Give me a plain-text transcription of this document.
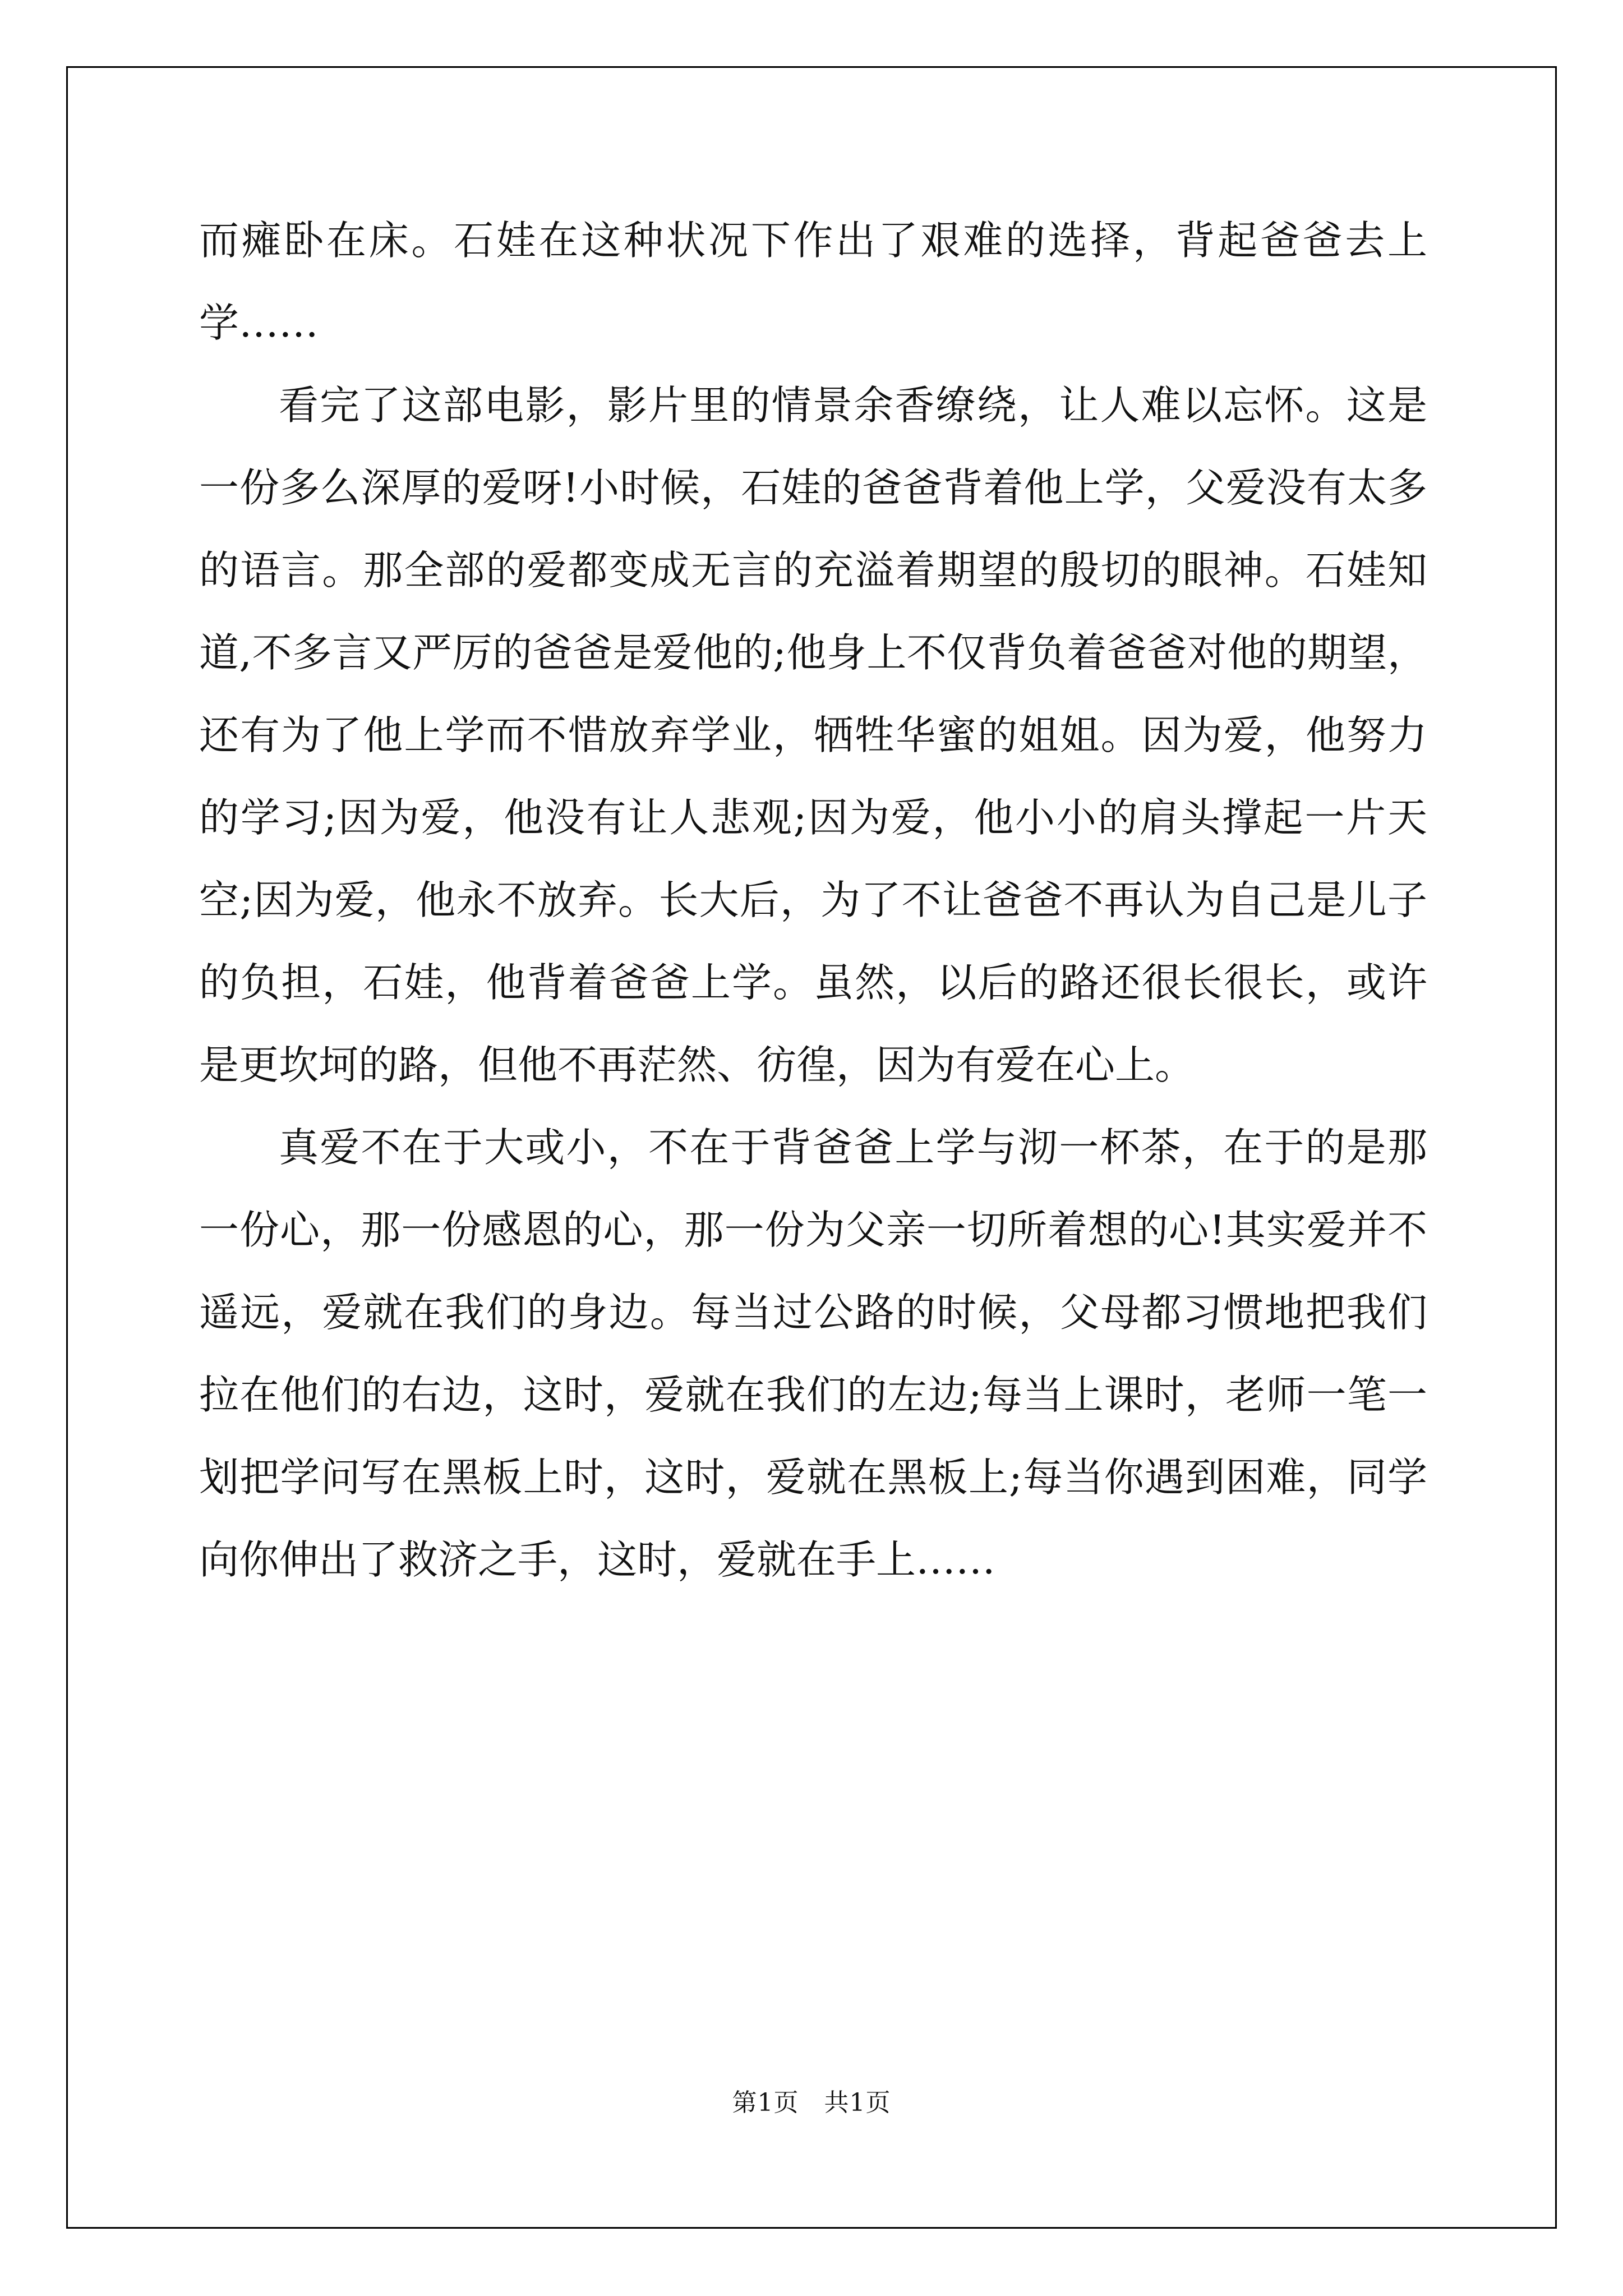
而瘫卧在床。石娃在这种状况下作出了艰难的选择，背起爸爸去上学……

看完了这部电影，影片里的情景余香缭绕，让人难以忘怀。这是一份多么深厚的爱呀!小时候，石娃的爸爸背着他上学，父爱没有太多的语言。那全部的爱都变成无言的充溢着期望的殷切的眼神。石娃知道,不多言又严厉的爸爸是爱他的;他身上不仅背负着爸爸对他的期望，还有为了他上学而不惜放弃学业，牺牲华蜜的姐姐。因为爱，他努力的学习;因为爱，他没有让人悲观;因为爱，他小小的肩头撑起一片天空;因为爱，他永不放弃。长大后，为了不让爸爸不再认为自己是儿子的负担，石娃，他背着爸爸上学。虽然，以后的路还很长很长，或许是更坎坷的路，但他不再茫然、彷徨，因为有爱在心上。

真爱不在于大或小，不在于背爸爸上学与沏一杯茶，在于的是那一份心，那一份感恩的心，那一份为父亲一切所着想的心!其实爱并不遥远，爱就在我们的身边。每当过公路的时候，父母都习惯地把我们拉在他们的右边，这时，爱就在我们的左边;每当上课时，老师一笔一划把学问写在黑板上时，这时，爱就在黑板上;每当你遇到困难，同学向你伸出了救济之手，这时，爱就在手上……

第1页　共1页
